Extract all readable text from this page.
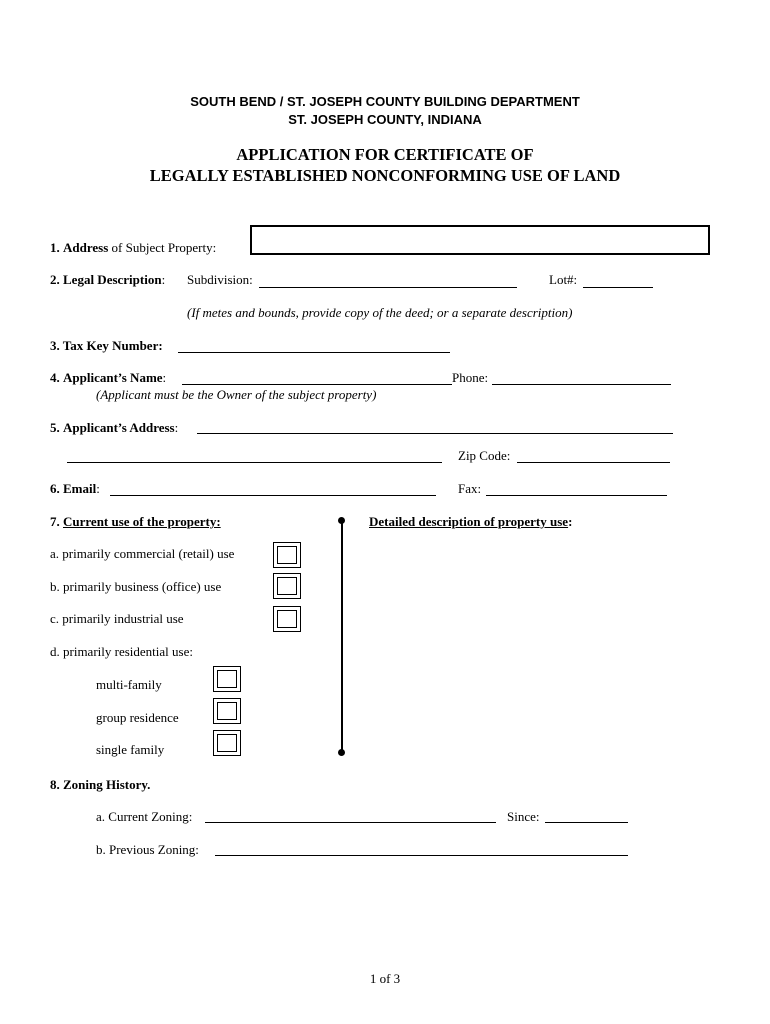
SOUTH BEND / ST. JOSEPH COUNTY BUILDING DEPARTMENT
ST. JOSEPH COUNTY, INDIANA
APPLICATION FOR CERTIFICATE OF
LEGALLY ESTABLISHED NONCONFORMING USE OF LAND
1. Address of Subject Property:
2. Legal Description: Subdivision:	Lot#:
(If metes and bounds, provide copy of the deed; or a separate description)
3. Tax Key Number:
4. Applicant’s Name:	Phone:
(Applicant must be the Owner of the subject property)
5. Applicant’s Address:
Zip Code:
6. Email:	Fax:
7. Current use of the property:	Detailed description of property use:
a. primarily commercial (retail) use
b. primarily business (office) use
c. primarily industrial use
d. primarily residential use:
multi-family
group residence
single family
8. Zoning History.
a. Current Zoning:	Since:
b. Previous Zoning:
1 of 3
